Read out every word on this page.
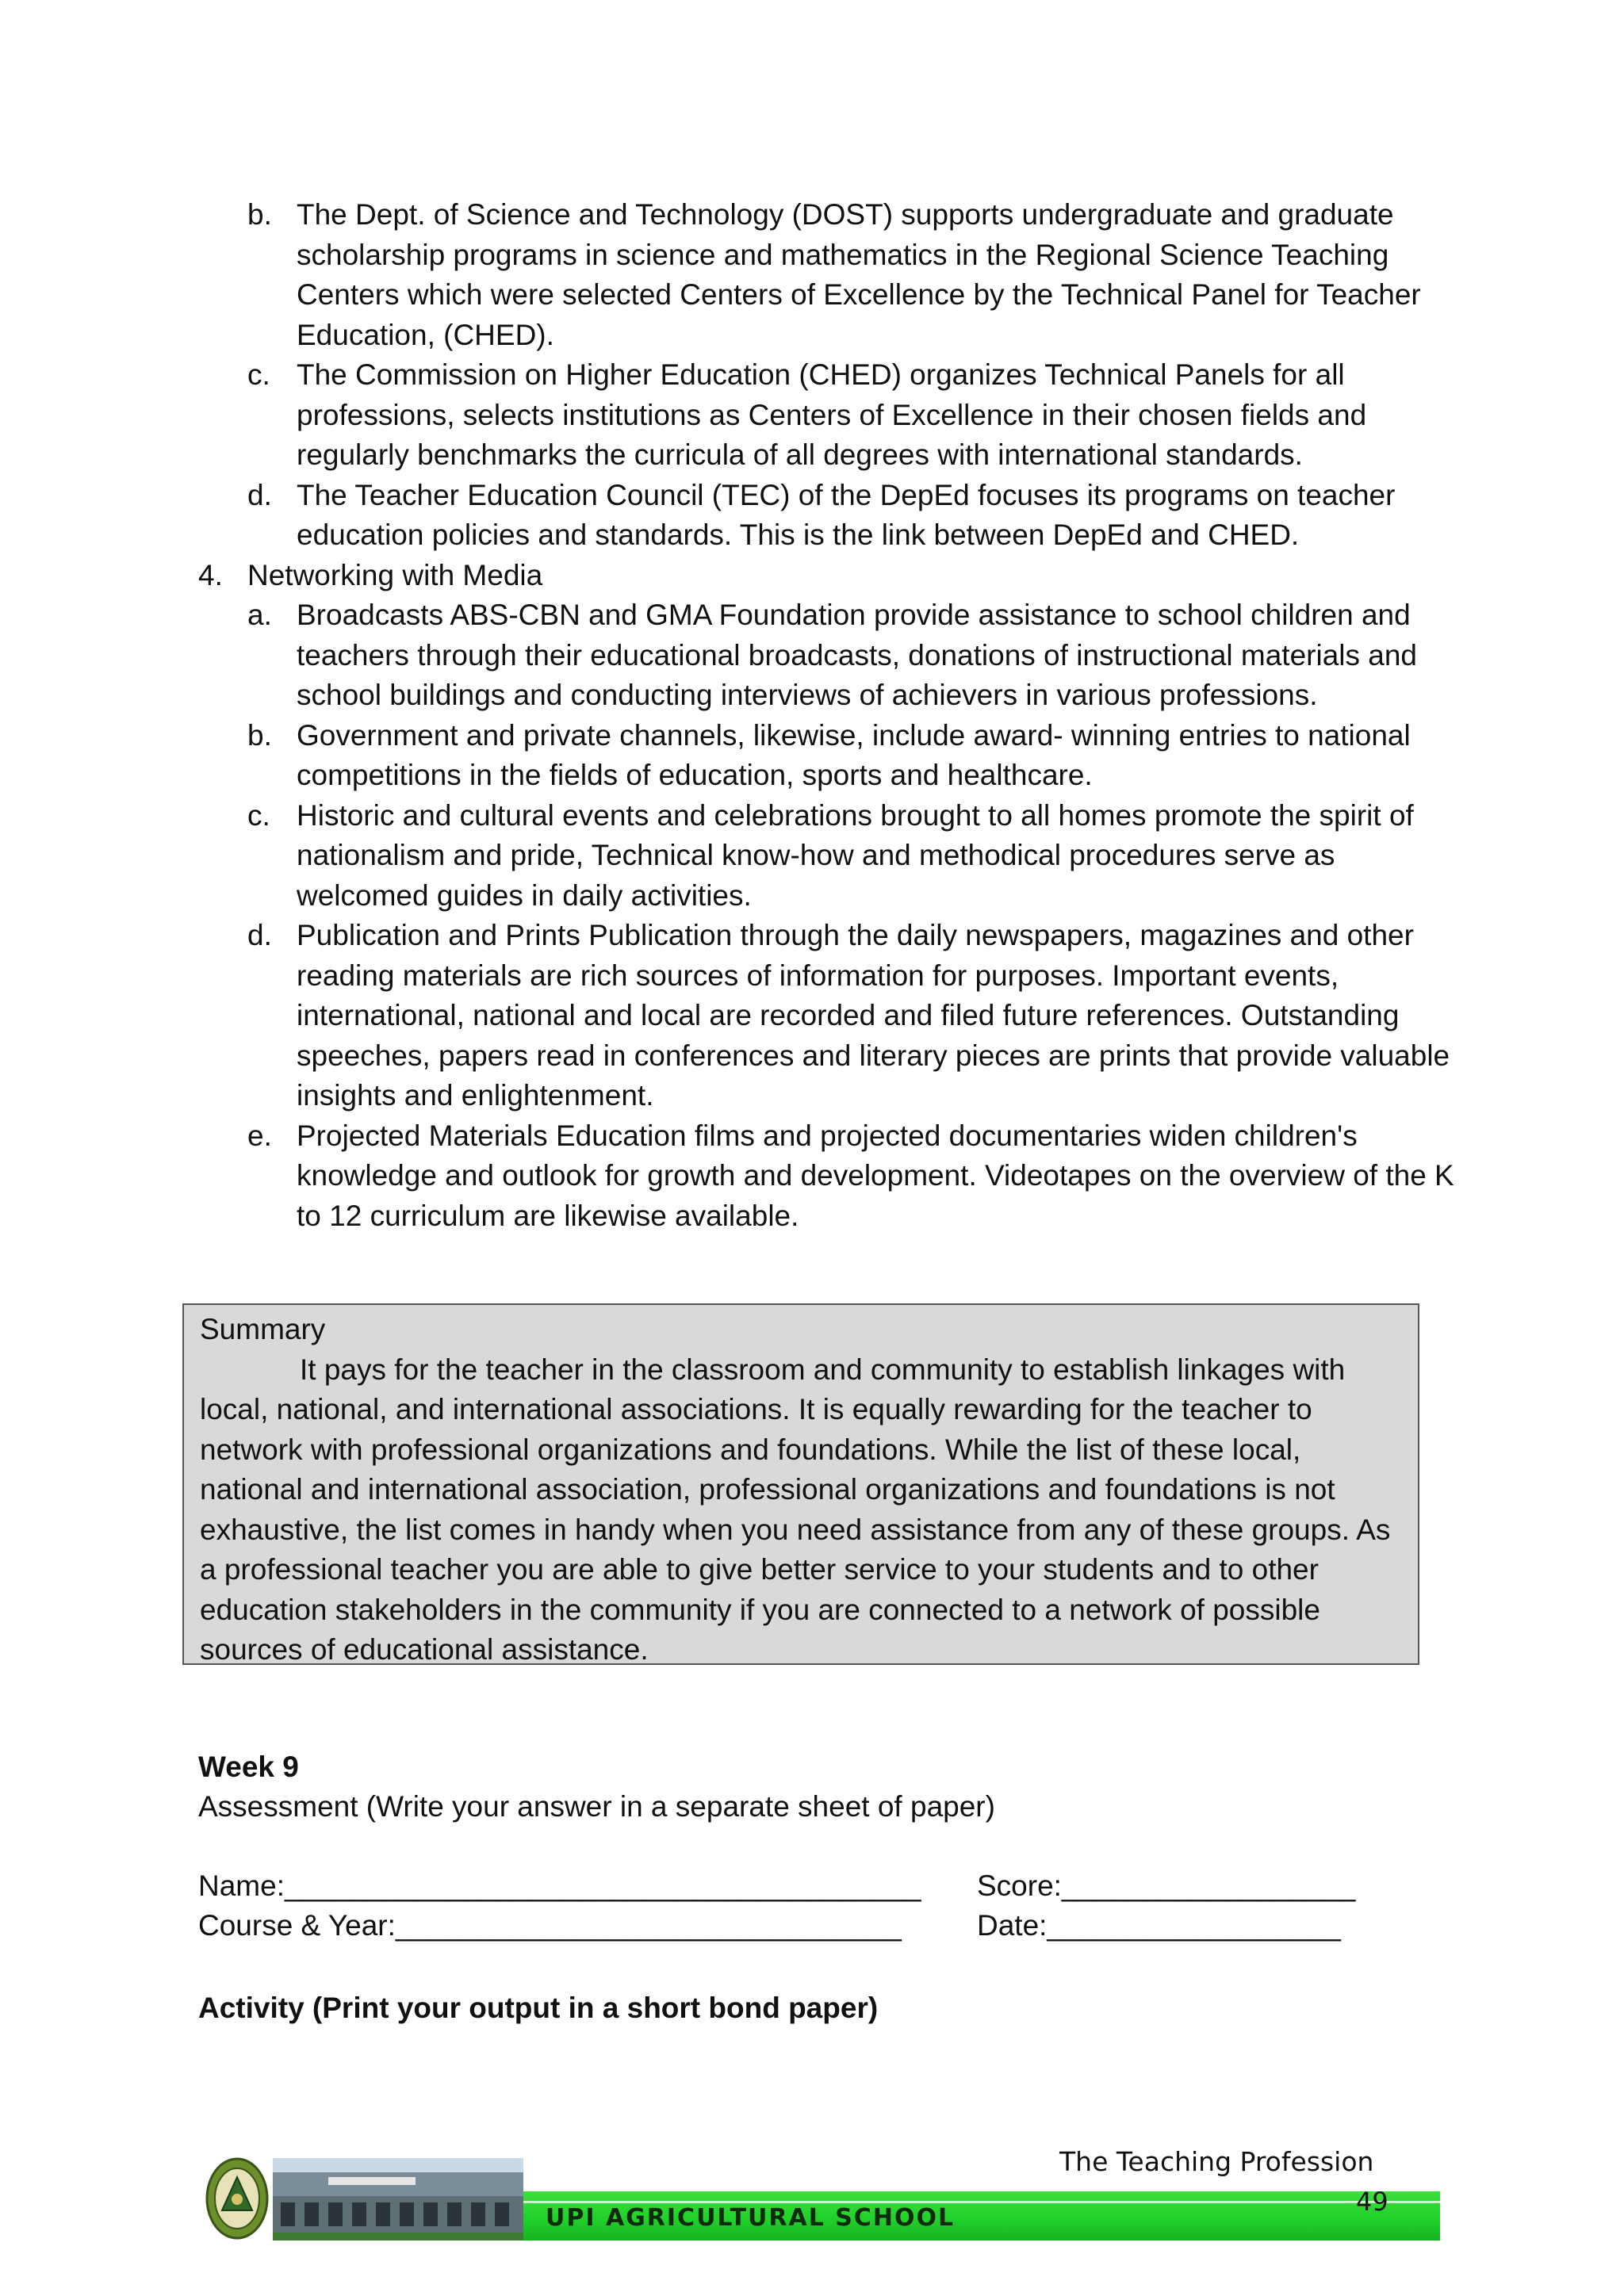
b. The Dept. of Science and Technology (DOST) supports undergraduate and graduate scholarship programs in science and mathematics in the Regional Science Teaching Centers which were selected Centers of Excellence by the Technical Panel for Teacher Education, (CHED).
c. The Commission on Higher Education (CHED) organizes Technical Panels for all professions, selects institutions as Centers of Excellence in their chosen fields and regularly benchmarks the curricula of all degrees with international standards.
d. The Teacher Education Council (TEC) of the DepEd focuses its programs on teacher education policies and standards. This is the link between DepEd and CHED.
4. Networking with Media
a. Broadcasts ABS-CBN and GMA Foundation provide assistance to school children and teachers through their educational broadcasts, donations of instructional materials and school buildings and conducting interviews of achievers in various professions.
b. Government and private channels, likewise, include award- winning entries to national competitions in the fields of education, sports and healthcare.
c. Historic and cultural events and celebrations brought to all homes promote the spirit of nationalism and pride, Technical know-how and methodical procedures serve as welcomed guides in daily activities.
d. Publication and Prints Publication through the daily newspapers, magazines and other reading materials are rich sources of information for purposes. Important events, international, national and local are recorded and filed future references. Outstanding speeches, papers read in conferences and literary pieces are prints that provide valuable insights and enlightenment.
e. Projected Materials Education films and projected documentaries widen children's knowledge and outlook for growth and development. Videotapes on the overview of the K to 12 curriculum are likewise available.
Summary
It pays for the teacher in the classroom and community to establish linkages with local, national, and international associations. It is equally rewarding for the teacher to network with professional organizations and foundations. While the list of these local, national and international association, professional organizations and foundations is not exhaustive, the list comes in handy when you need assistance from any of these groups. As a professional teacher you are able to give better service to your students and to other education stakeholders in the community if you are connected to a network of possible sources of educational assistance.
Week 9
Assessment (Write your answer in a separate sheet of paper)
Name:_______________________________________ Score:__________________
Course & Year:_______________________________	Date:__________________
Activity (Print your output in a short bond paper)
The Teaching Profession
UPI AGRICULTURAL SCHOOL
49
